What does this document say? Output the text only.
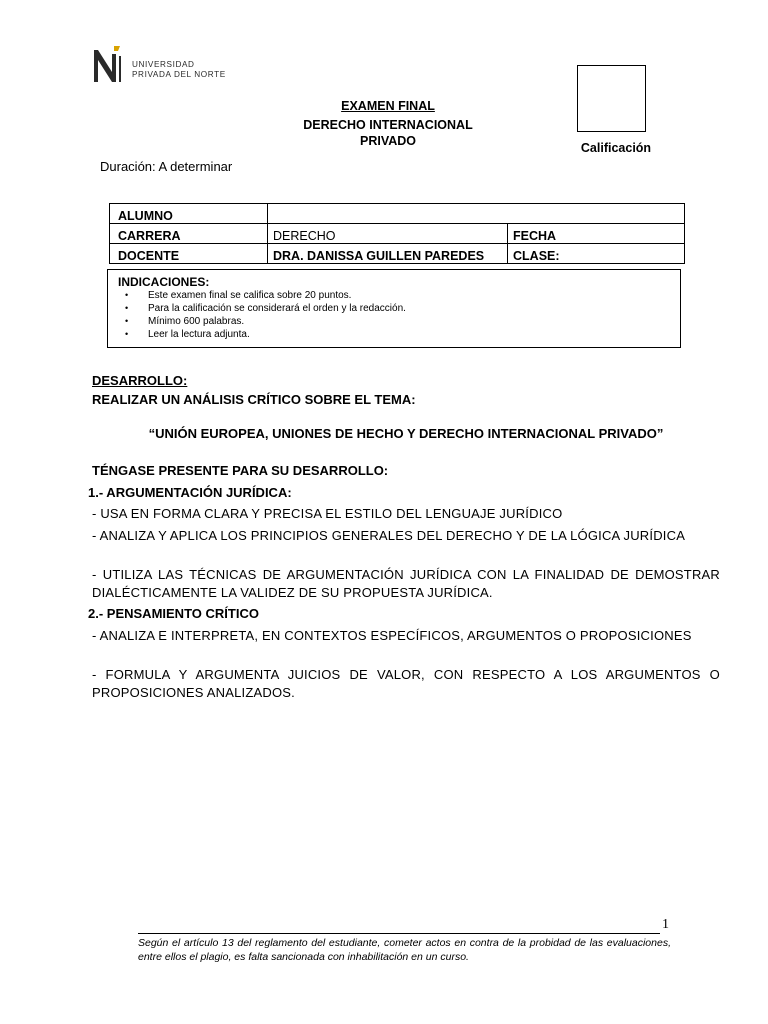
UNIVERSIDAD
PRIVADA DEL NORTE
EXAMEN FINAL
DERECHO INTERNACIONAL
PRIVADO	Calificación
Duración: A determinar
ALUMNO		
CARRERA	DERECHO	FECHA
DOCENTE	DRA. DANISSA GUILLEN PAREDES	CLASE:
INDICACIONES:
• Este examen final se califica sobre 20 puntos.
• Para la calificación se considerará el orden y la redacción.
• Mínimo 600 palabras.
• Leer la lectura adjunta.
DESARROLLO:
REALIZAR UN ANÁLISIS CRÍTICO SOBRE EL TEMA:
“UNIÓN EUROPEA, UNIONES DE HECHO Y DERECHO INTERNACIONAL PRIVADO”
TÉNGASE PRESENTE PARA SU DESARROLLO:
1.- ARGUMENTACIÓN JURÍDICA:
- USA EN FORMA CLARA Y PRECISA EL ESTILO DEL LENGUAJE JURÍDICO
- ANALIZA Y APLICA LOS PRINCIPIOS GENERALES DEL DERECHO Y DE LA LÓGICA JURÍDICA
- UTILIZA LAS TÉCNICAS DE ARGUMENTACIÓN JURÍDICA CON LA FINALIDAD DE DEMOSTRAR DIALÉCTICAMENTE LA VALIDEZ DE SU PROPUESTA JURÍDICA.
2.- PENSAMIENTO CRÍTICO
- ANALIZA E INTERPRETA, EN CONTEXTOS ESPECÍFICOS, ARGUMENTOS O PROPOSICIONES
- FORMULA Y ARGUMENTA JUICIOS DE VALOR, CON RESPECTO A LOS ARGUMENTOS O PROPOSICIONES ANALIZADOS.
1
Según el artículo 13 del reglamento del estudiante, cometer actos en contra de la probidad de las evaluaciones, entre ellos el plagio, es falta sancionada con inhabilitación en un curso.
